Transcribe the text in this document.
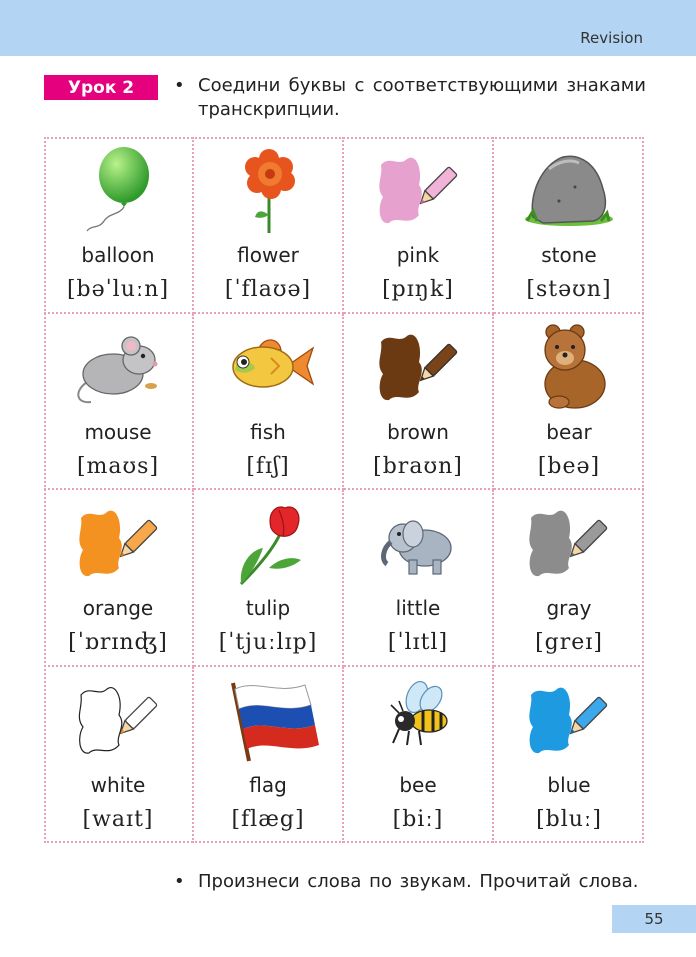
Revision
Урок 2	Соедини буквы с соответствующими знаками
транскрипции.
balloon
[bəˈluːn]
flower
[ˈflaʊə]
pink
[pɪŋk]
stone
[stəʊn]
mouse
[maʊs]
fish
[fɪʃ]
brown
[braʊn]
bear
[beə]
orange
[ˈɒrɪnʤ]
tulip
[ˈtjuːlɪp]
little
[ˈlɪtl]
gray
[greɪ]
white
[waɪt]
flag
[flæg]
bee
[biː]
blue
[bluː]
Произнеси слова по звукам. Прочитай слова.
55
